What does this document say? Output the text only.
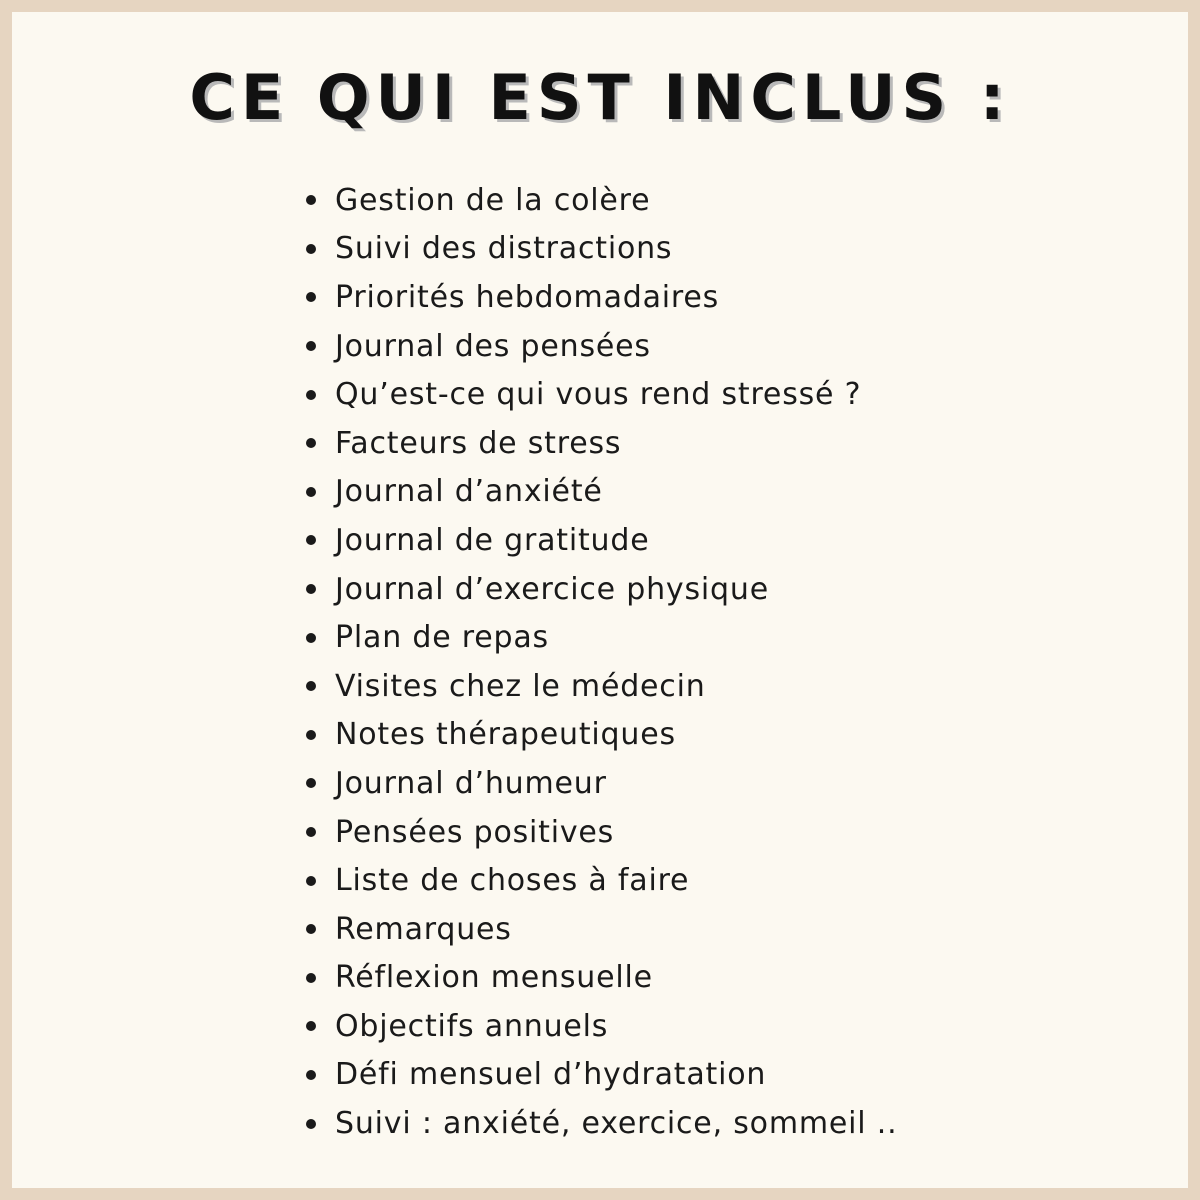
CE QUI EST INCLUS :
Gestion de la colère
Suivi des distractions
Priorités hebdomadaires
Journal des pensées
Qu’est-ce qui vous rend stressé ?
Facteurs de stress
Journal d’anxiété
Journal de gratitude
Journal d’exercice physique
Plan de repas
Visites chez le médecin
Notes thérapeutiques
Journal d’humeur
Pensées positives
Liste de choses à faire
Remarques
Réflexion mensuelle
Objectifs annuels
Défi mensuel d’hydratation
Suivi : anxiété, exercice, sommeil ..
